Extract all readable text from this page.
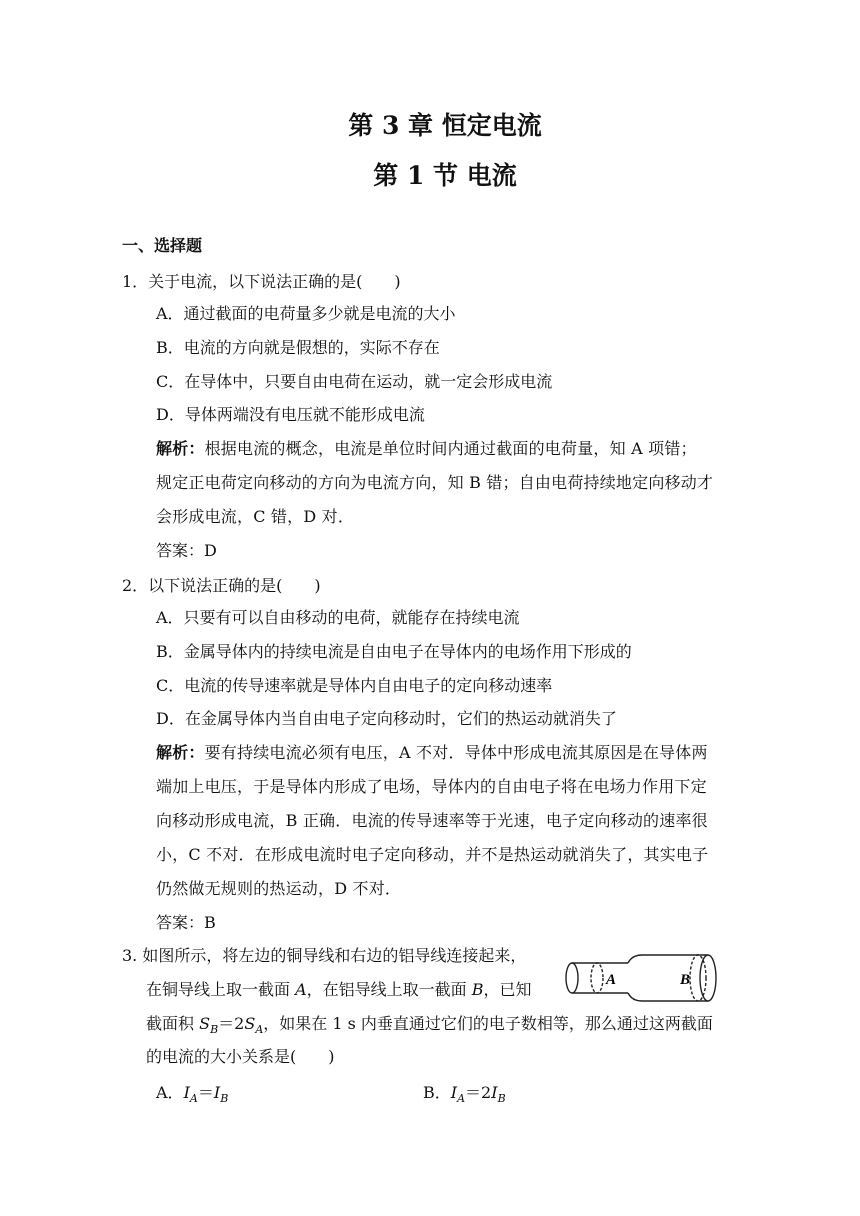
第 3 章 恒定电流
第 1 节 电流
一、选择题
1．关于电流，以下说法正确的是(　　)
A．通过截面的电荷量多少就是电流的大小
B．电流的方向就是假想的，实际不存在
C．在导体中，只要自由电荷在运动，就一定会形成电流
D．导体两端没有电压就不能形成电流
解析：根据电流的概念，电流是单位时间内通过截面的电荷量，知 A 项错；
规定正电荷定向移动的方向为电流方向，知 B 错；自由电荷持续地定向移动才
会形成电流，C 错，D 对．
答案：D
2．以下说法正确的是(　　)
A．只要有可以自由移动的电荷，就能存在持续电流
B．金属导体内的持续电流是自由电子在导体内的电场作用下形成的
C．电流的传导速率就是导体内自由电子的定向移动速率
D．在金属导体内当自由电子定向移动时，它们的热运动就消失了
解析：要有持续电流必须有电压，A 不对．导体中形成电流其原因是在导体两
端加上电压，于是导体内形成了电场，导体内的自由电子将在电场力作用下定
向移动形成电流，B 正确．电流的传导速率等于光速，电子定向移动的速率很
小，C 不对．在形成电流时电子定向移动，并不是热运动就消失了，其实电子
仍然做无规则的热运动，D 不对．
答案：B
3. 如图所示，将左边的铜导线和右边的铝导线连接起来，
在铜导线上取一截面 A，在铝导线上取一截面 B，已知
截面积 $S_B=2S_A$，如果在 1 s 内垂直通过它们的电子数相等，那么通过这两截面
的电流的大小关系是(　　)
A．$I_A=I_B$	B．$I_A=2I_B$
A	B
